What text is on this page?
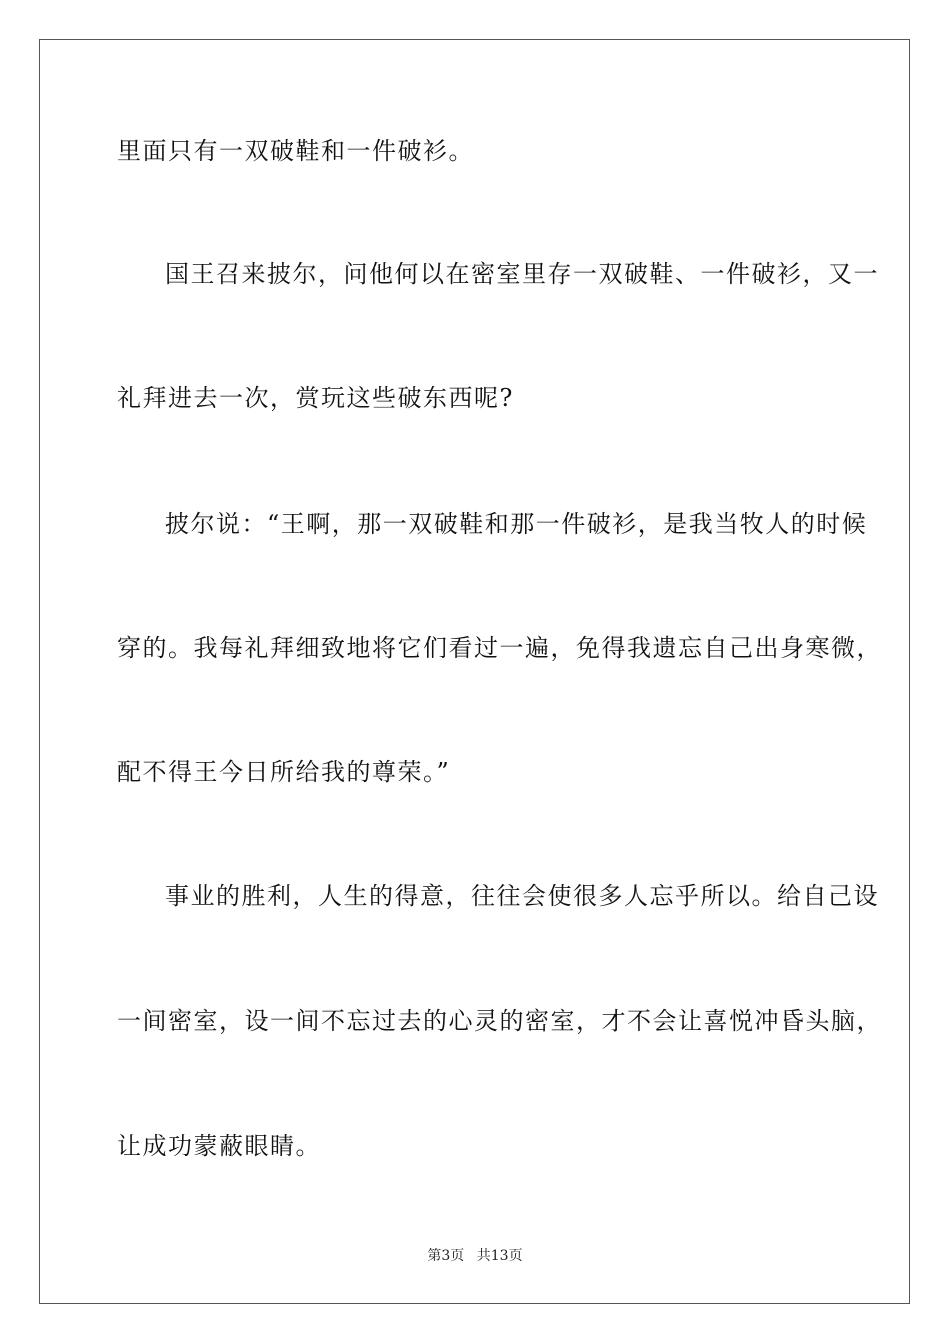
里面只有一双破鞋和一件破衫。
国王召来披尔，问他何以在密室里存一双破鞋、一件破衫，又一
礼拜进去一次，赏玩这些破东西呢?
披尔说：“王啊，那一双破鞋和那一件破衫，是我当牧人的时候
穿的。我每礼拜细致地将它们看过一遍，免得我遗忘自己出身寒微，
配不得王今日所给我的尊荣。”
事业的胜利，人生的得意，往往会使很多人忘乎所以。给自己设
一间密室，设一间不忘过去的心灵的密室，才不会让喜悦冲昏头脑，
让成功蒙蔽眼睛。
第3页 共13页
